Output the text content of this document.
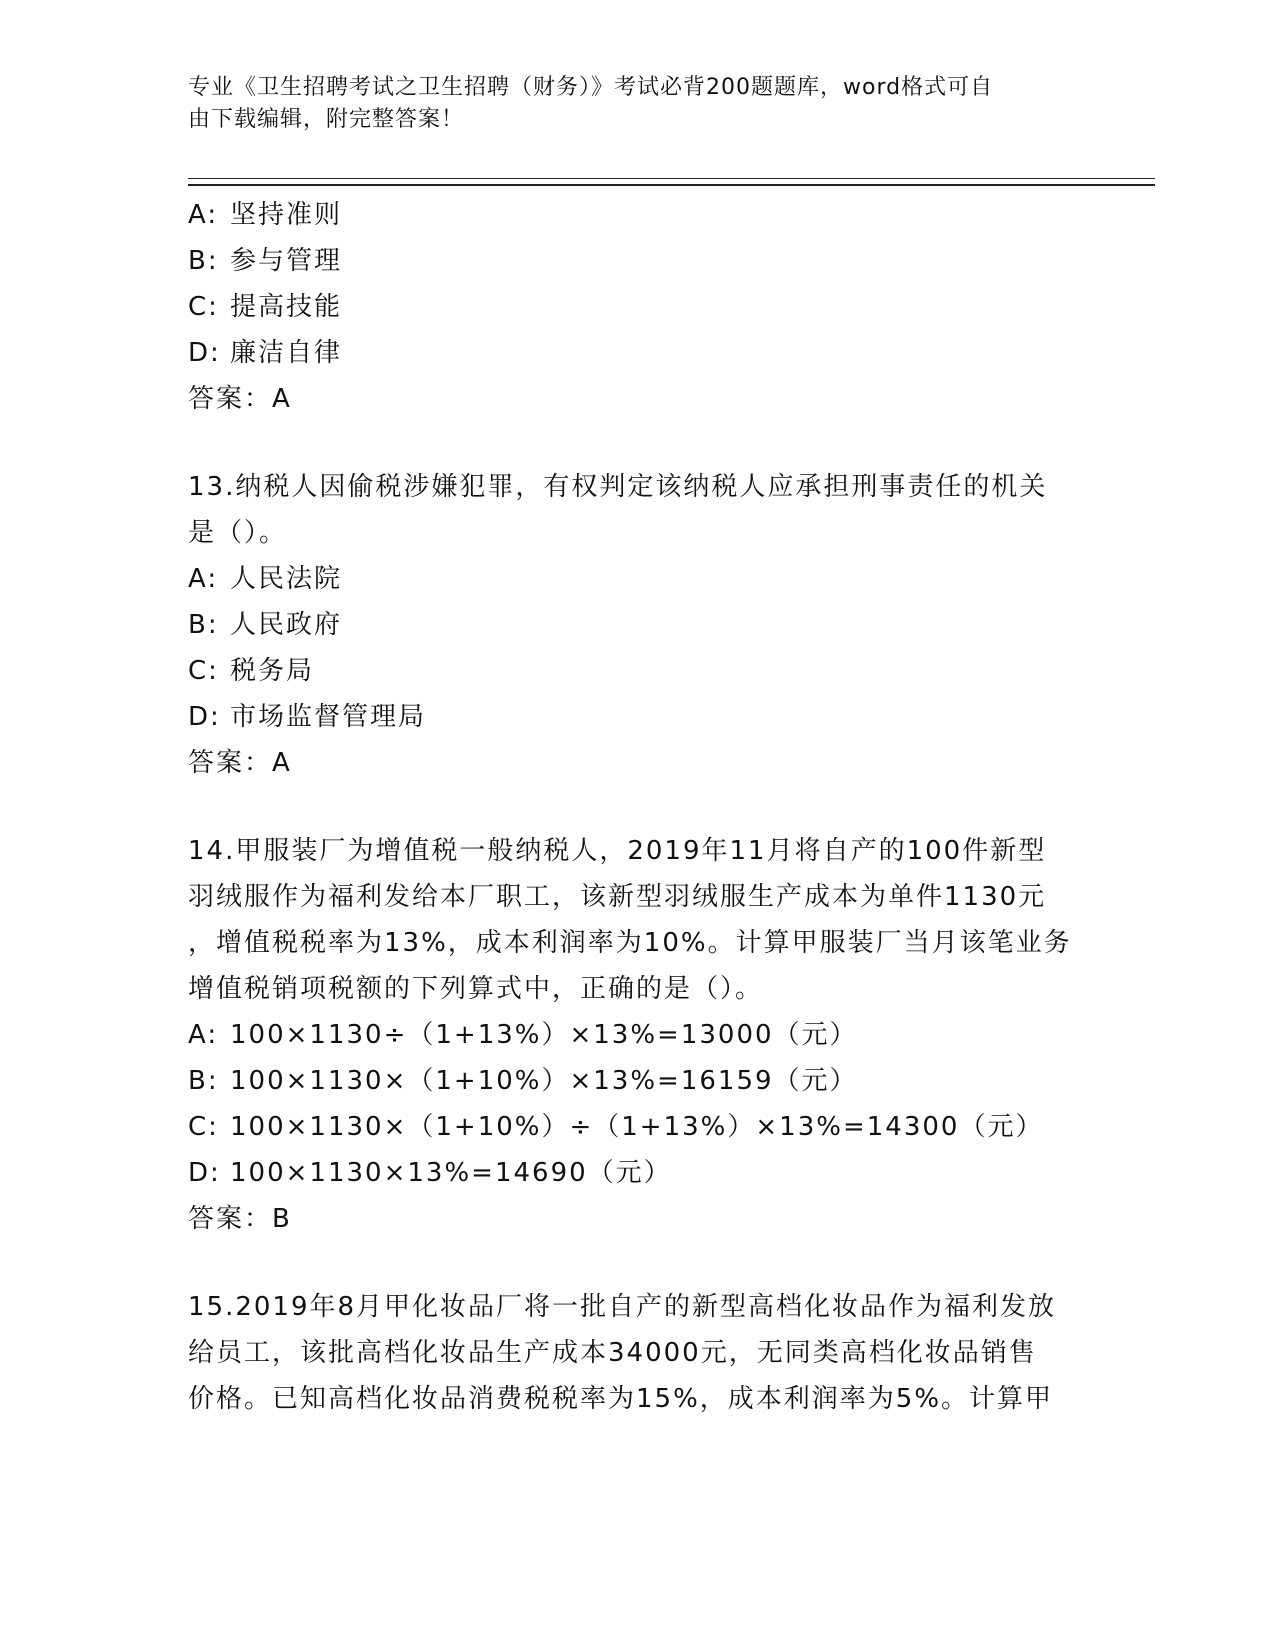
专业《卫生招聘考试之卫生招聘（财务）》考试必背200题题库，word格式可自
由下载编辑，附完整答案！
A: 坚持准则
B: 参与管理
C: 提高技能
D: 廉洁自律
答案：A
13.纳税人因偷税涉嫌犯罪，有权判定该纳税人应承担刑事责任的机关
是（）。
A: 人民法院
B: 人民政府
C: 税务局
D: 市场监督管理局
答案：A
14.甲服装厂为增值税一般纳税人，2019年11月将自产的100件新型
羽绒服作为福利发给本厂职工，该新型羽绒服生产成本为单件1130元
，增值税税率为13%，成本利润率为10%。计算甲服装厂当月该笔业务
增值税销项税额的下列算式中，正确的是（）。
A: 100×1130÷（1+13%）×13%=13000（元）
B: 100×1130×（1+10%）×13%=16159（元）
C: 100×1130×（1+10%）÷（1+13%）×13%=14300（元）
D: 100×1130×13%=14690（元）
答案：B
15.2019年8月甲化妆品厂将一批自产的新型高档化妆品作为福利发放
给员工，该批高档化妆品生产成本34000元，无同类高档化妆品销售
价格。已知高档化妆品消费税税率为15%，成本利润率为5%。计算甲
